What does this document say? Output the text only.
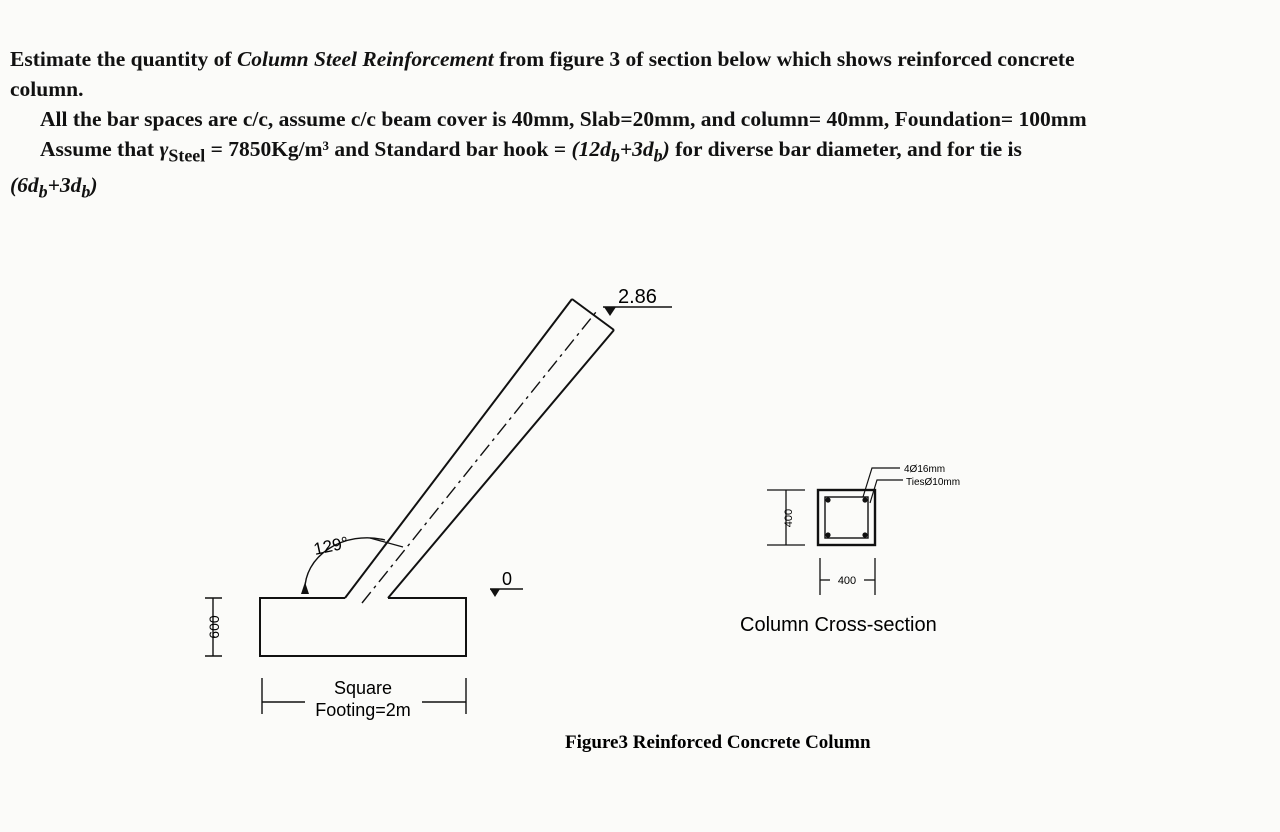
Estimate the quantity of Column Steel Reinforcement from figure 3 of section below which shows reinforced concrete
column.
All the bar spaces are c/c, assume c/c beam cover is 40mm, Slab=20mm, and column= 40mm, Foundation= 100mm
Assume that $\gamma_{Steel} = 7850Kg/m^3$ and Standard bar hook = $(12d_b+3d_b)$ for diverse bar diameter, and for tie is
$(6d_b+3d_b)$
2.86
0
129°
600
Square
Footing=2m
400
400
4Ø16mm
TiesØ10mm
Column Cross-section
Figure3 Reinforced Concrete Column
